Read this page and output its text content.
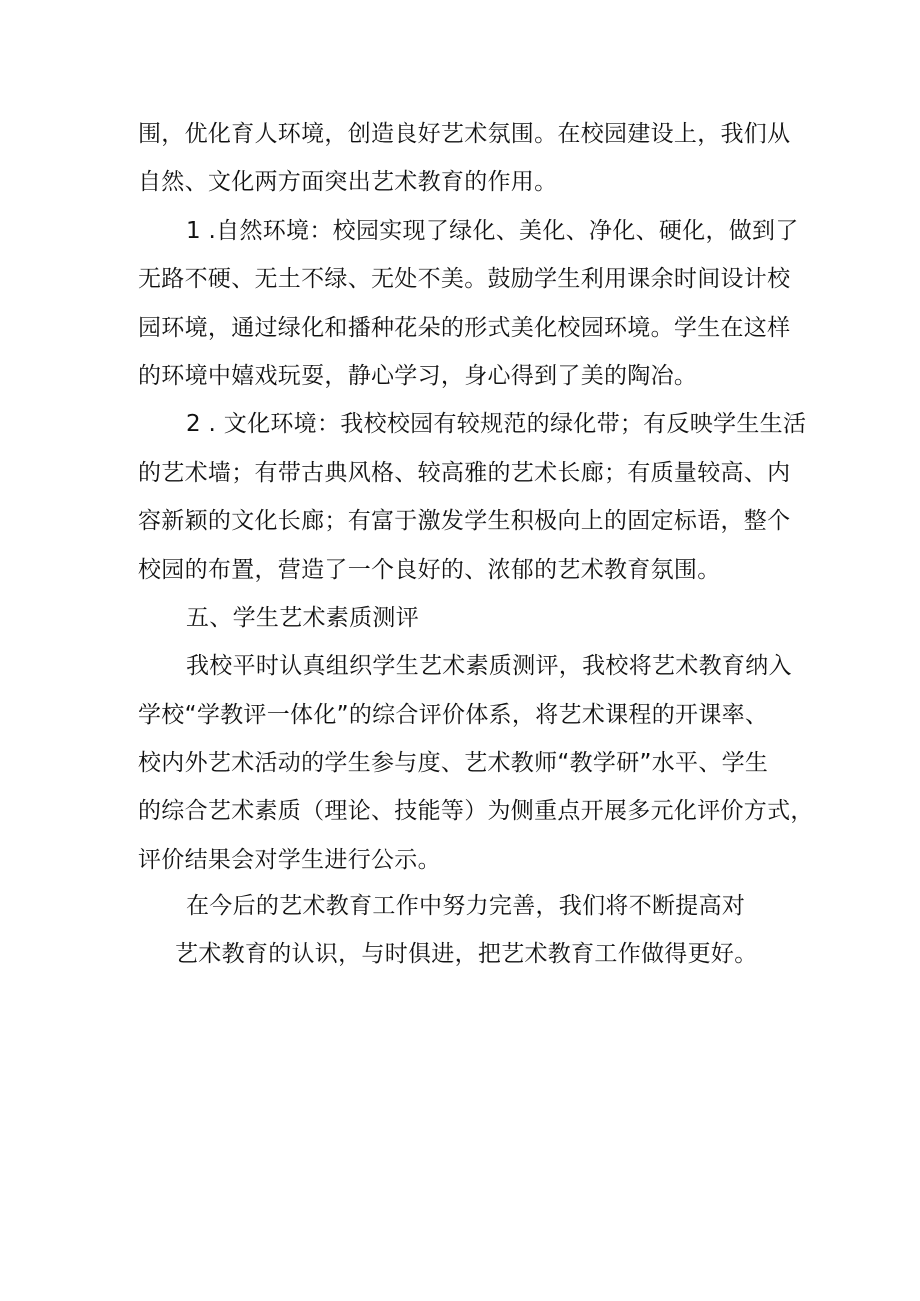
围，优化育人环境，创造良好艺术氛围。在校园建设上，我们从
自然、文化两方面突出艺术教育的作用。
1 .自然环境：校园实现了绿化、美化、净化、硬化，做到了
无路不硬、无土不绿、无处不美。鼓励学生利用课余时间设计校
园环境，通过绿化和播种花朵的形式美化校园环境。学生在这样
的环境中嬉戏玩耍，静心学习，身心得到了美的陶冶。
2 . 文化环境：我校校园有较规范的绿化带；有反映学生生活
的艺术墙；有带古典风格、较高雅的艺术长廊；有质量较高、内
容新颖的文化长廊；有富于激发学生积极向上的固定标语，整个
校园的布置，营造了一个良好的、浓郁的艺术教育氛围。
五、学生艺术素质测评
我校平时认真组织学生艺术素质测评，我校将艺术教育纳入
学校“学教评一体化”的综合评价体系，将艺术课程的开课率、
校内外艺术活动的学生参与度、艺术教师“教学研”水平、学生
的综合艺术素质（理论、技能等）为侧重点开展多元化评价方式，
评价结果会对学生进行公示。
在今后的艺术教育工作中努力完善，我们将不断提高对
艺术教育的认识，与时俱进，把艺术教育工作做得更好。
